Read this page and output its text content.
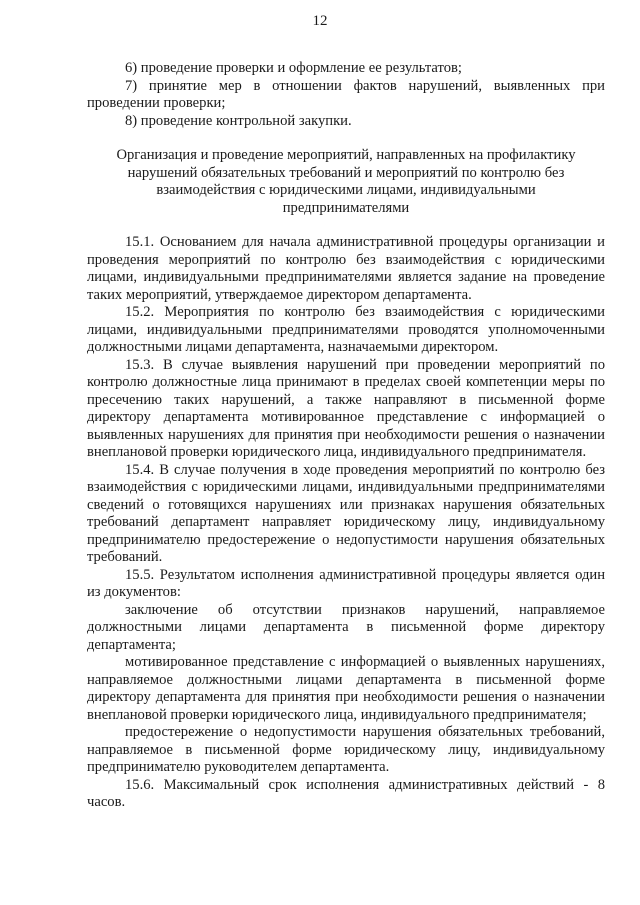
12

6) проведение проверки и оформление ее результатов;

7) принятие мер в отношении фактов нарушений, выявленных при проведении проверки;

8) проведение контрольной закупки.

Организация и проведение мероприятий, направленных на профилактику нарушений обязательных требований и мероприятий по контролю без взаимодействия с юридическими лицами, индивидуальными предпринимателями

15.1. Основанием для начала административной процедуры организации и проведения мероприятий по контролю без взаимодействия с юридическими лицами, индивидуальными предпринимателями является задание на проведение таких мероприятий, утверждаемое директором департамента.

15.2. Мероприятия по контролю без взаимодействия с юридическими лицами, индивидуальными предпринимателями проводятся уполномоченными должностными лицами департамента, назначаемыми директором.

15.3. В случае выявления нарушений при проведении мероприятий по контролю должностные лица принимают в пределах своей компетенции меры по пресечению таких нарушений, а также направляют в письменной форме директору департамента мотивированное представление с информацией о выявленных нарушениях для принятия при необходимости решения о назначении внеплановой проверки юридического лица, индивидуального предпринимателя.

15.4. В случае получения в ходе проведения мероприятий по контролю без взаимодействия с юридическими лицами, индивидуальными предпринимателями сведений о готовящихся нарушениях или признаках нарушения обязательных требований департамент направляет юридическому лицу, индивидуальному предпринимателю предостережение о недопустимости нарушения обязательных требований.

15.5. Результатом исполнения административной процедуры является один из документов:

заключение об отсутствии признаков нарушений, направляемое должностными лицами департамента в письменной форме директору департамента;

мотивированное представление с информацией о выявленных нарушениях, направляемое должностными лицами департамента в письменной форме директору департамента для принятия при необходимости решения о назначении внеплановой проверки юридического лица, индивидуального предпринимателя;

предостережение о недопустимости нарушения обязательных требований, направляемое в письменной форме юридическому лицу, индивидуальному предпринимателю руководителем департамента.

15.6. Максимальный срок исполнения административных действий - 8 часов.
